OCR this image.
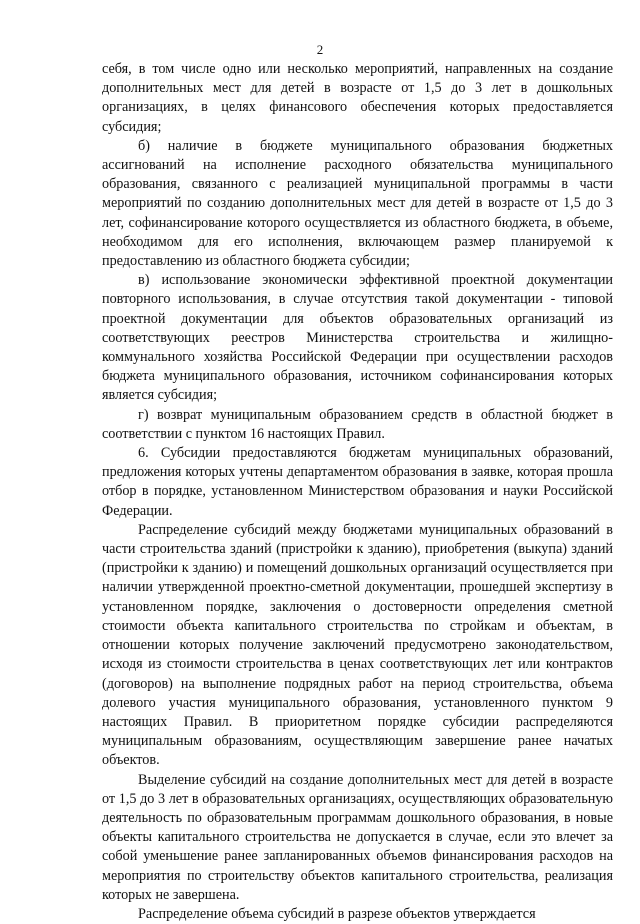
2

себя, в том числе одно или несколько мероприятий, направленных на создание дополнительных мест для детей в возрасте от 1,5 до 3 лет в дошкольных организациях, в целях финансового обеспечения которых предоставляется субсидия;

б) наличие в бюджете муниципального образования бюджетных ассигнований на исполнение расходного обязательства муниципального образования, связанного с реализацией муниципальной программы в части мероприятий по созданию дополнительных мест для детей в возрасте от 1,5 до 3 лет, софинансирование которого осуществляется из областного бюджета, в объеме, необходимом для его исполнения, включающем размер планируемой к предоставлению из областного бюджета субсидии;

в) использование экономически эффективной проектной документации повторного использования, в случае отсутствия такой документации - типовой проектной документации для объектов образовательных организаций из соответствующих реестров Министерства строительства и жилищно-коммунального хозяйства Российской Федерации при осуществлении расходов бюджета муниципального образования, источником софинансирования которых является субсидия;

г) возврат муниципальным образованием средств в областной бюджет в соответствии с пунктом 16 настоящих Правил.

6. Субсидии предоставляются бюджетам муниципальных образований, предложения которых учтены департаментом образования в заявке, которая прошла отбор в порядке, установленном Министерством образования и науки Российской Федерации.

Распределение субсидий между бюджетами муниципальных образований в части строительства зданий (пристройки к зданию), приобретения (выкупа) зданий (пристройки к зданию) и помещений дошкольных организаций осуществляется при наличии утвержденной проектно-сметной документации, прошедшей экспертизу в установленном порядке, заключения о достоверности определения сметной стоимости объекта капитального строительства по стройкам и объектам, в отношении которых получение заключений предусмотрено законодательством, исходя из стоимости строительства в ценах соответствующих лет или контрактов (договоров) на выполнение подрядных работ на период строительства, объема долевого участия муниципального образования, установленного пунктом 9 настоящих Правил. В приоритетном порядке субсидии распределяются муниципальным образованиям, осуществляющим завершение ранее начатых объектов.

Выделение субсидий на создание дополнительных мест для детей в возрасте от 1,5 до 3 лет в образовательных организациях, осуществляющих образовательную деятельность по образовательным программам дошкольного образования, в новые объекты капитального строительства не допускается в случае, если это влечет за собой уменьшение ранее запланированных объемов финансирования расходов на мероприятия по строительству объектов капитального строительства, реализация которых не завершена.

Распределение объема субсидий в разрезе объектов утверждается
